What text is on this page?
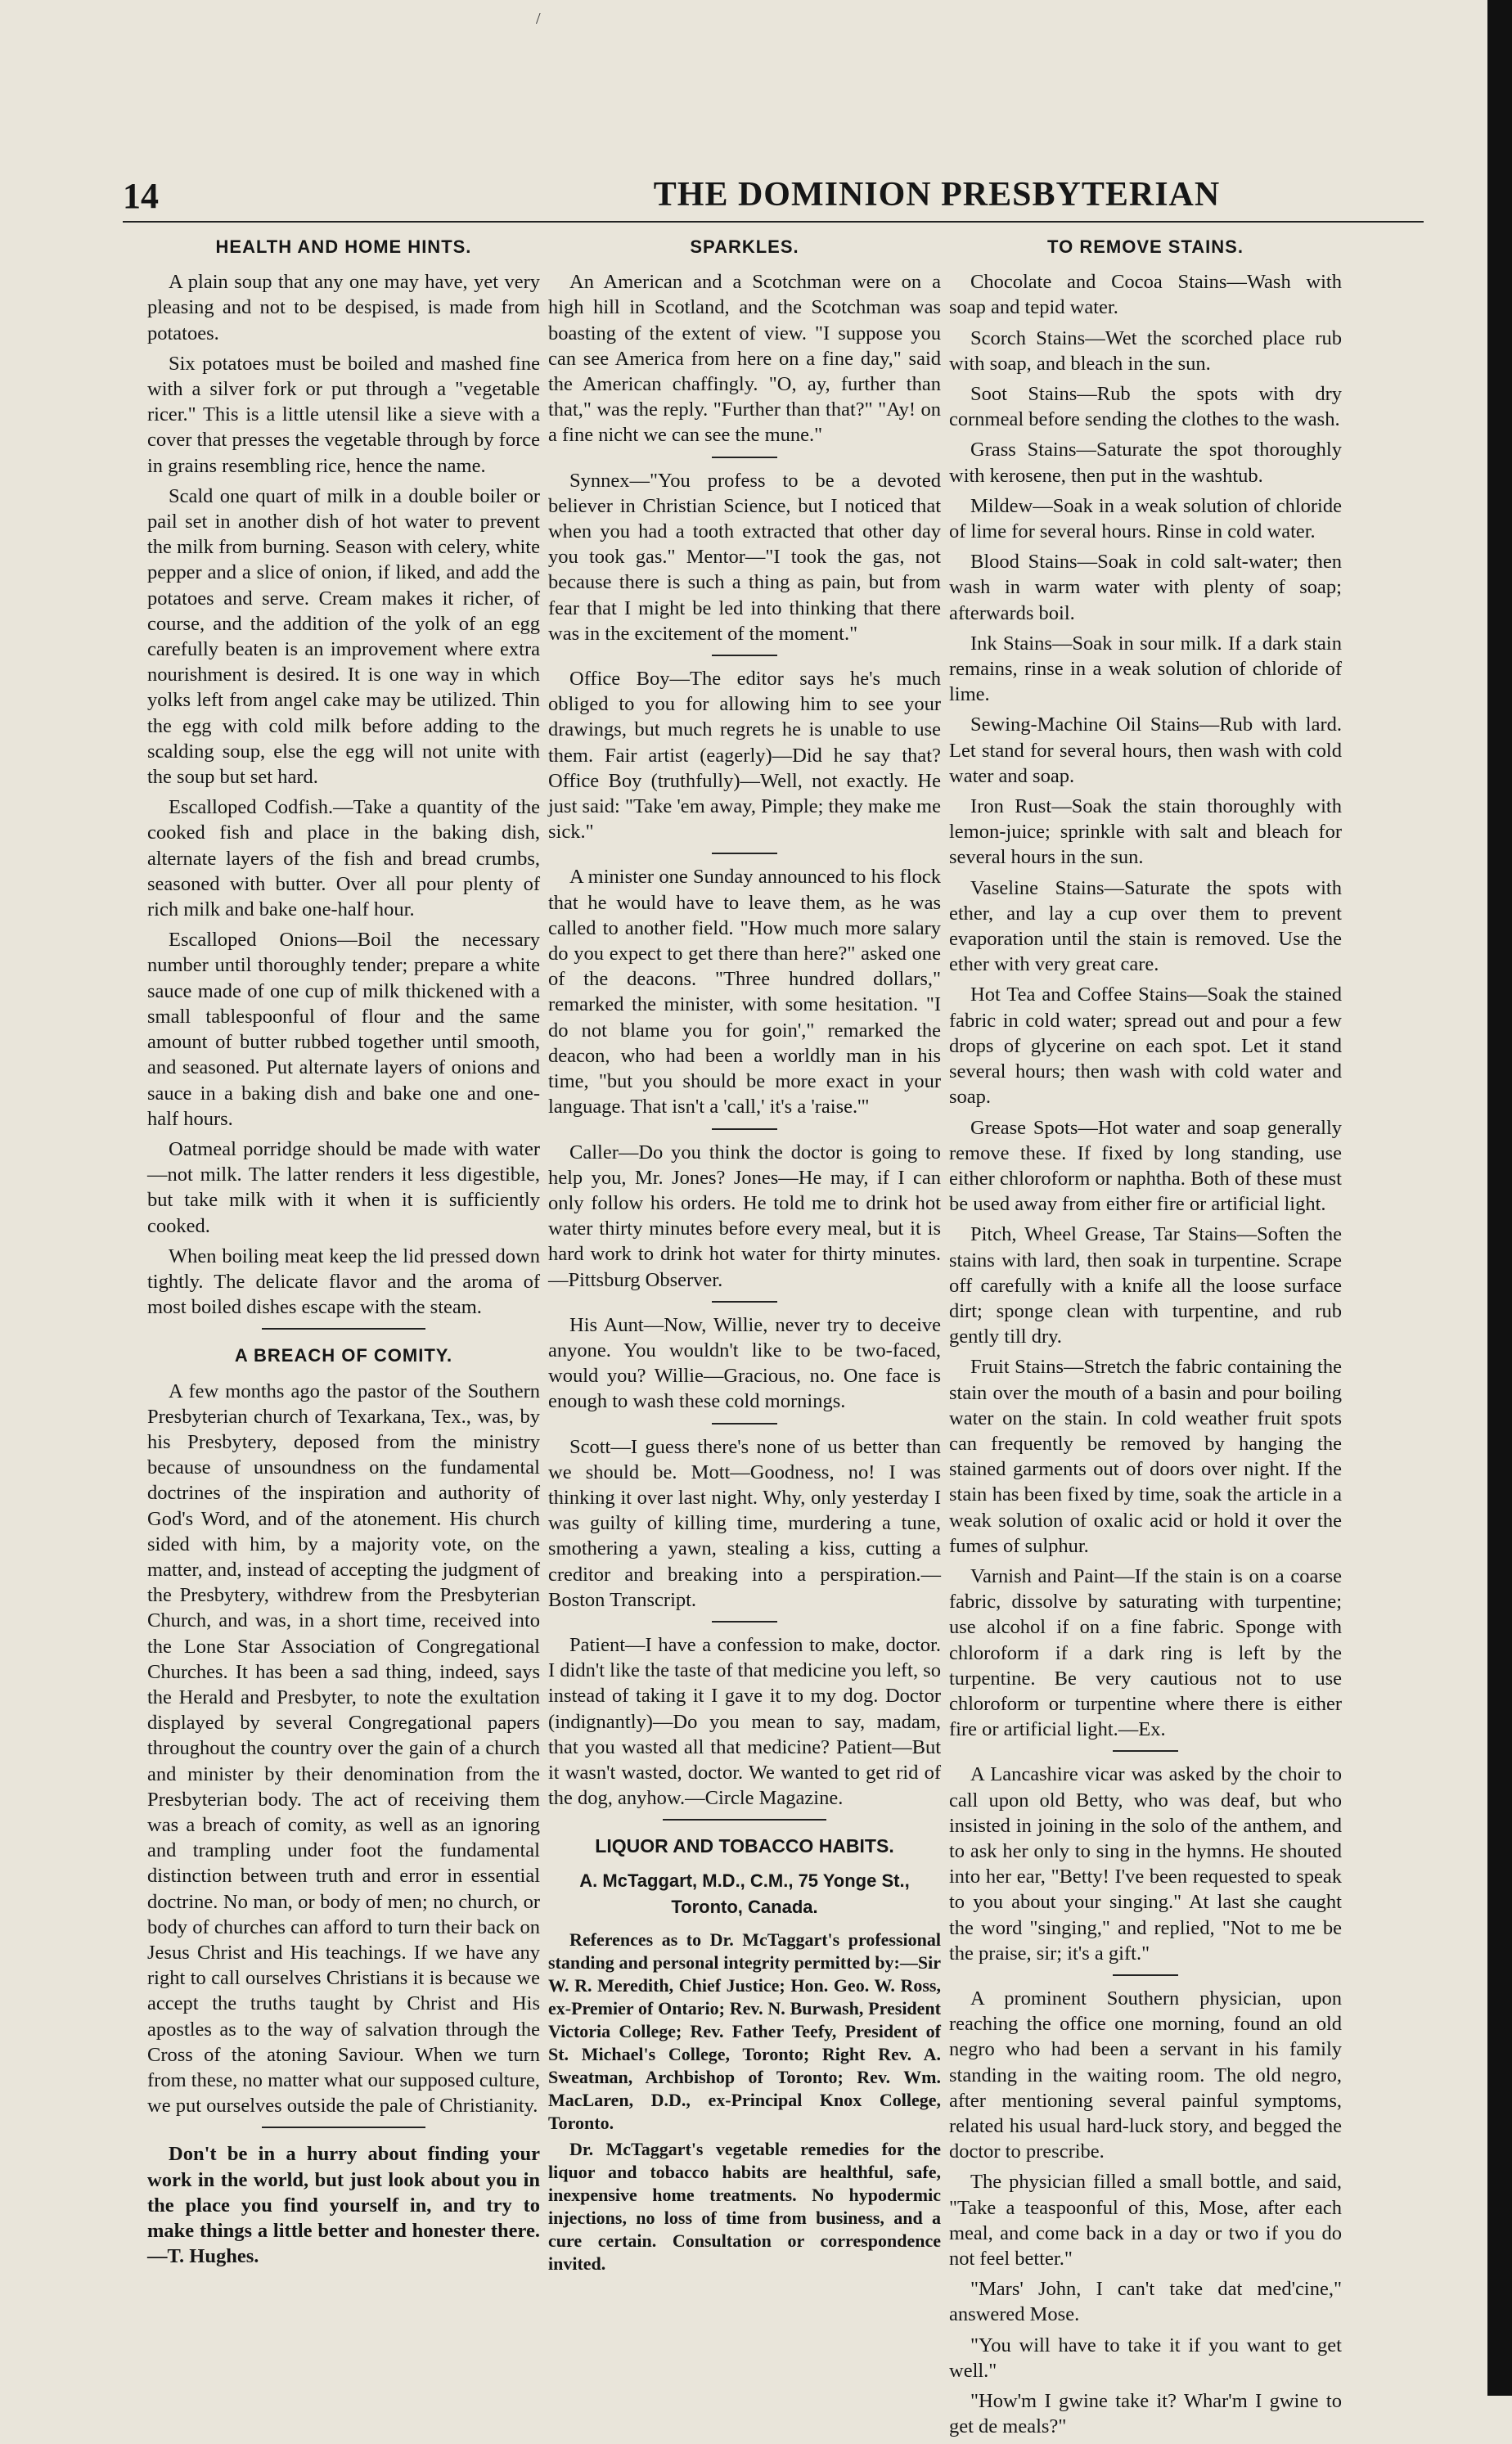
/
14	THE DOMINION PRESBYTERIAN
HEALTH AND HOME HINTS.

A plain soup that any one may have, yet very pleasing and not to be despised, is made from potatoes.

Six potatoes must be boiled and mashed fine with a silver fork or put through a "vegetable ricer." This is a little utensil like a sieve with a cover that presses the vegetable through by force in grains resembling rice, hence the name.

Scald one quart of milk in a double boiler or pail set in another dish of hot water to prevent the milk from burning. Season with celery, white pepper and a slice of onion, if liked, and add the potatoes and serve. Cream makes it richer, of course, and the addition of the yolk of an egg carefully beaten is an improvement where extra nourishment is desired. It is one way in which yolks left from angel cake may be utilized. Thin the egg with cold milk before adding to the scalding soup, else the egg will not unite with the soup but set hard.

Escalloped Codfish.—Take a quantity of the cooked fish and place in the baking dish, alternate layers of the fish and bread crumbs, seasoned with butter. Over all pour plenty of rich milk and bake one-half hour.

Escalloped Onions—Boil the necessary number until thoroughly tender; prepare a white sauce made of one cup of milk thickened with a small tablespoonful of flour and the same amount of butter rubbed together until smooth, and seasoned. Put alternate layers of onions and sauce in a baking dish and bake one and one-half hours.

Oatmeal porridge should be made with water—not milk. The latter renders it less digestible, but take milk with it when it is sufficiently cooked.

When boiling meat keep the lid pressed down tightly. The delicate flavor and the aroma of most boiled dishes escape with the steam.

A BREACH OF COMITY.

A few months ago the pastor of the Southern Presbyterian church of Texarkana, Tex., was, by his Presbytery, deposed from the ministry because of unsoundness on the fundamental doctrines of the inspiration and authority of God's Word, and of the atonement. His church sided with him, by a majority vote, on the matter, and, instead of accepting the judgment of the Presbytery, withdrew from the Presbyterian Church, and was, in a short time, received into the Lone Star Association of Congregational Churches. It has been a sad thing, indeed, says the Herald and Presbyter, to note the exultation displayed by several Congregational papers throughout the country over the gain of a church and minister by their denomination from the Presbyterian body. The act of receiving them was a breach of comity, as well as an ignoring and trampling under foot the fundamental distinction between truth and error in essential doctrine. No man, or body of men; no church, or body of churches can afford to turn their back on Jesus Christ and His teachings. If we have any right to call ourselves Christians it is because we accept the truths taught by Christ and His apostles as to the way of salvation through the Cross of the atoning Saviour. When we turn from these, no matter what our supposed culture, we put ourselves outside the pale of Christianity.

Don't be in a hurry about finding your work in the world, but just look about you in the place you find yourself in, and try to make things a little better and honester there.—T. Hughes.

SPARKLES.

An American and a Scotchman were on a high hill in Scotland, and the Scotchman was boasting of the extent of view. "I suppose you can see America from here on a fine day," said the American chaffingly. "O, ay, further than that," was the reply. "Further than that?" "Ay! on a fine nicht we can see the mune."

Synnex—"You profess to be a devoted believer in Christian Science, but I noticed that when you had a tooth extracted that other day you took gas." Mentor—"I took the gas, not because there is such a thing as pain, but from fear that I might be led into thinking that there was in the excitement of the moment."

Office Boy—The editor says he's much obliged to you for allowing him to see your drawings, but much regrets he is unable to use them. Fair artist (eagerly)—Did he say that? Office Boy (truthfully)—Well, not exactly. He just said: "Take 'em away, Pimple; they make me sick."

A minister one Sunday announced to his flock that he would have to leave them, as he was called to another field. "How much more salary do you expect to get there than here?" asked one of the deacons. "Three hundred dollars," remarked the minister, with some hesitation. "I do not blame you for goin'," remarked the deacon, who had been a worldly man in his time, "but you should be more exact in your language. That isn't a 'call,' it's a 'raise.'"

Caller—Do you think the doctor is going to help you, Mr. Jones? Jones—He may, if I can only follow his orders. He told me to drink hot water thirty minutes before every meal, but it is hard work to drink hot water for thirty minutes.—Pittsburg Observer.

His Aunt—Now, Willie, never try to deceive anyone. You wouldn't like to be two-faced, would you? Willie—Gracious, no. One face is enough to wash these cold mornings.

Scott—I guess there's none of us better than we should be. Mott—Goodness, no! I was thinking it over last night. Why, only yesterday I was guilty of killing time, murdering a tune, smothering a yawn, stealing a kiss, cutting a creditor and breaking into a perspiration.—Boston Transcript.

Patient—I have a confession to make, doctor. I didn't like the taste of that medicine you left, so instead of taking it I gave it to my dog. Doctor (indignantly)—Do you mean to say, madam, that you wasted all that medicine? Patient—But it wasn't wasted, doctor. We wanted to get rid of the dog, anyhow.—Circle Magazine.

LIQUOR AND TOBACCO HABITS.
A. McTaggart, M.D., C.M., 75 Yonge St., Toronto, Canada.

References as to Dr. McTaggart's professional standing and personal integrity permitted by:—Sir W. R. Meredith, Chief Justice; Hon. Geo. W. Ross, ex-Premier of Ontario; Rev. N. Burwash, President Victoria College; Rev. Father Teefy, President of St. Michael's College, Toronto; Right Rev. A. Sweatman, Archbishop of Toronto; Rev. Wm. MacLaren, D.D., ex-Principal Knox College, Toronto.

Dr. McTaggart's vegetable remedies for the liquor and tobacco habits are healthful, safe, inexpensive home treatments. No hypodermic injections, no loss of time from business, and a cure certain. Consultation or correspondence invited.

TO REMOVE STAINS.

Chocolate and Cocoa Stains—Wash with soap and tepid water.

Scorch Stains—Wet the scorched place rub with soap, and bleach in the sun.

Soot Stains—Rub the spots with dry cornmeal before sending the clothes to the wash.

Grass Stains—Saturate the spot thoroughly with kerosene, then put in the washtub.

Mildew—Soak in a weak solution of chloride of lime for several hours. Rinse in cold water.

Blood Stains—Soak in cold salt-water; then wash in warm water with plenty of soap; afterwards boil.

Ink Stains—Soak in sour milk. If a dark stain remains, rinse in a weak solution of chloride of lime.

Sewing-Machine Oil Stains—Rub with lard. Let stand for several hours, then wash with cold water and soap.

Iron Rust—Soak the stain thoroughly with lemon-juice; sprinkle with salt and bleach for several hours in the sun.

Vaseline Stains—Saturate the spots with ether, and lay a cup over them to prevent evaporation until the stain is removed. Use the ether with very great care.

Hot Tea and Coffee Stains—Soak the stained fabric in cold water; spread out and pour a few drops of glycerine on each spot. Let it stand several hours; then wash with cold water and soap.

Grease Spots—Hot water and soap generally remove these. If fixed by long standing, use either chloroform or naphtha. Both of these must be used away from either fire or artificial light.

Pitch, Wheel Grease, Tar Stains—Soften the stains with lard, then soak in turpentine. Scrape off carefully with a knife all the loose surface dirt; sponge clean with turpentine, and rub gently till dry.

Fruit Stains—Stretch the fabric containing the stain over the mouth of a basin and pour boiling water on the stain. In cold weather fruit spots can frequently be removed by hanging the stained garments out of doors over night. If the stain has been fixed by time, soak the article in a weak solution of oxalic acid or hold it over the fumes of sulphur.

Varnish and Paint—If the stain is on a coarse fabric, dissolve by saturating with turpentine; use alcohol if on a fine fabric. Sponge with chloroform if a dark ring is left by the turpentine. Be very cautious not to use chloroform or turpentine where there is either fire or artificial light.—Ex.

A Lancashire vicar was asked by the choir to call upon old Betty, who was deaf, but who insisted in joining in the solo of the anthem, and to ask her only to sing in the hymns. He shouted into her ear, "Betty! I've been requested to speak to you about your singing." At last she caught the word "singing," and replied, "Not to me be the praise, sir; it's a gift."

A prominent Southern physician, upon reaching the office one morning, found an old negro who had been a servant in his family standing in the waiting room. The old negro, after mentioning several painful symptoms, related his usual hard-luck story, and begged the doctor to prescribe.

The physician filled a small bottle, and said, "Take a teaspoonful of this, Mose, after each meal, and come back in a day or two if you do not feel better."

"Mars' John, I can't take dat med'cine," answered Mose.

"You will have to take it if you want to get well."

"How'm I gwine take it? Whar'm I gwine to get de meals?"
